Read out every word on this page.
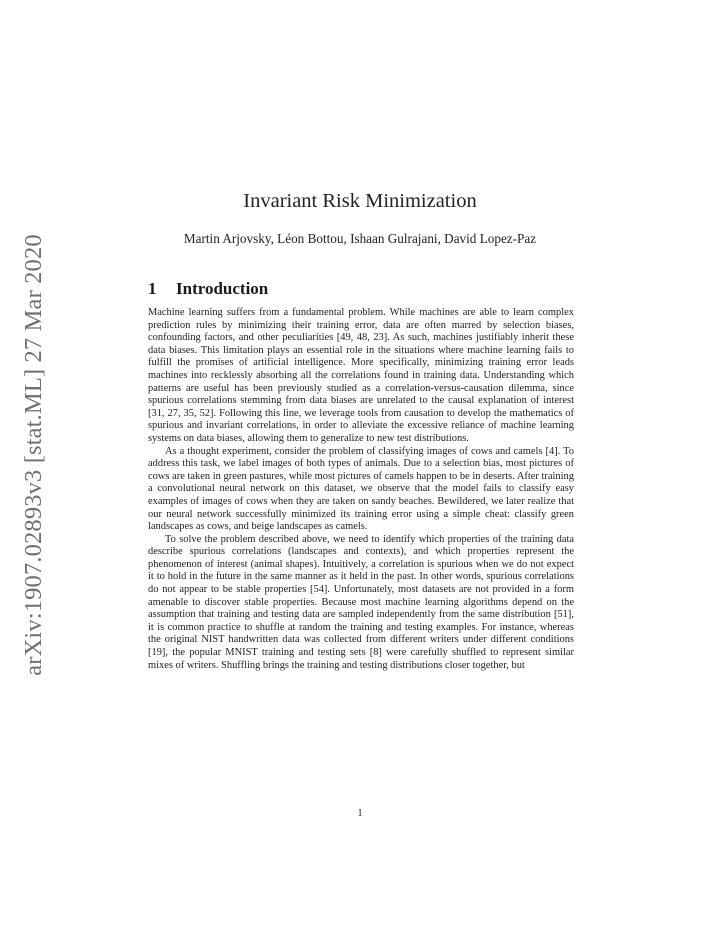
arXiv:1907.02893v3 [stat.ML] 27 Mar 2020
Invariant Risk Minimization
Martin Arjovsky, Léon Bottou, Ishaan Gulrajani, David Lopez-Paz
1 Introduction

Machine learning suffers from a fundamental problem. While machines are able to learn complex prediction rules by minimizing their training error, data are often marred by selection biases, confounding factors, and other peculiarities [49, 48, 23]. As such, machines justifiably inherit these data biases. This limitation plays an essential role in the situations where machine learning fails to fulfill the promises of artificial intelligence. More specifically, minimizing training error leads machines into recklessly absorbing all the correlations found in training data. Understanding which patterns are useful has been previously studied as a correlation-versus-causation dilemma, since spurious correlations stemming from data biases are unrelated to the causal explanation of interest [31, 27, 35, 52]. Following this line, we leverage tools from causation to develop the mathematics of spurious and invariant correlations, in order to alleviate the excessive reliance of machine learning systems on data biases, allowing them to generalize to new test distributions.

As a thought experiment, consider the problem of classifying images of cows and camels [4]. To address this task, we label images of both types of animals. Due to a selection bias, most pictures of cows are taken in green pastures, while most pictures of camels happen to be in deserts. After training a convolutional neural network on this dataset, we observe that the model fails to classify easy examples of images of cows when they are taken on sandy beaches. Bewildered, we later realize that our neural network successfully minimized its training error using a simple cheat: classify green landscapes as cows, and beige landscapes as camels.

To solve the problem described above, we need to identify which properties of the training data describe spurious correlations (landscapes and contexts), and which properties represent the phenomenon of interest (animal shapes). Intuitively, a correlation is spurious when we do not expect it to hold in the future in the same manner as it held in the past. In other words, spurious correlations do not appear to be stable properties [54]. Unfortunately, most datasets are not provided in a form amenable to discover stable properties. Because most machine learning algorithms depend on the assumption that training and testing data are sampled independently from the same distribution [51], it is common practice to shuffle at random the training and testing examples. For instance, whereas the original NIST handwritten data was collected from different writers under different conditions [19], the popular MNIST training and testing sets [8] were carefully shuffled to represent similar mixes of writers. Shuffling brings the training and testing distributions closer together, but

1
